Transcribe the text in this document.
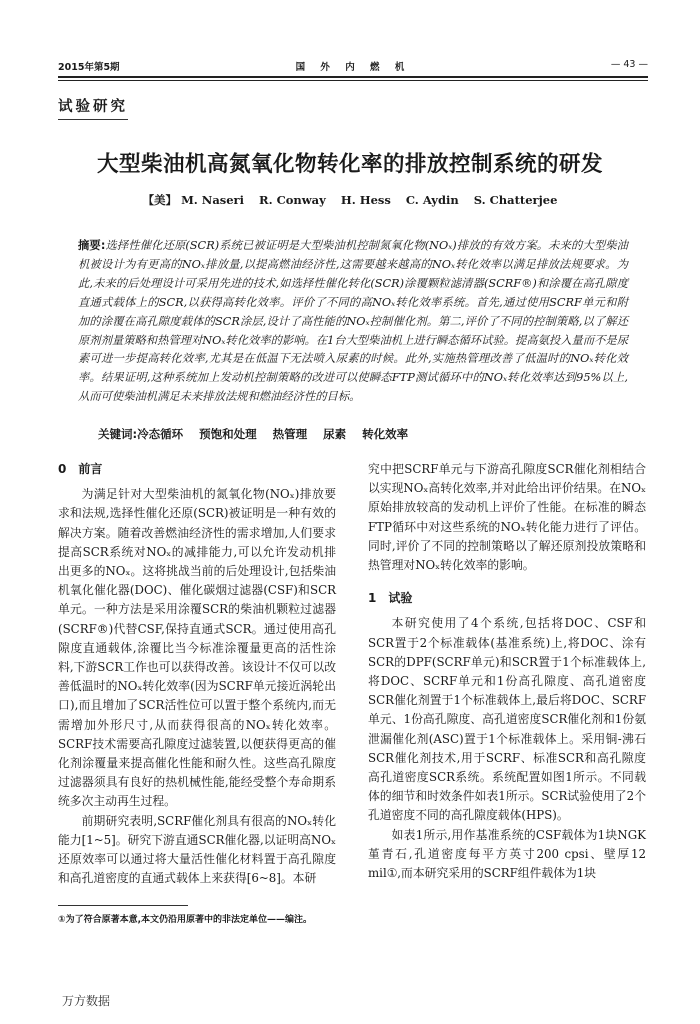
2015年第5期	国 外 内 燃 机	— 43 —
试验研究
大型柴油机高氮氧化物转化率的排放控制系统的研发
【美】 M. Naseri R. Conway H. Hess C. Aydin S. Chatterjee
摘要:选择性催化还原(SCR)系统已被证明是大型柴油机控制氮氧化物(NOₓ)排放的有效方案。未来的大型柴油机被设计为有更高的NOₓ排放量,以提高燃油经济性,这需要越来越高的NOₓ转化效率以满足排放法规要求。为此,未来的后处理设计可采用先进的技术,如选择性催化转化(SCR)涂覆颗粒滤清器(SCRF®)和涂覆在高孔隙度直通式载体上的SCR,以获得高转化效率。评价了不同的高NOₓ转化效率系统。首先,通过使用SCRF单元和附加的涂覆在高孔隙度载体的SCR涂层,设计了高性能的NOₓ控制催化剂。第二,评价了不同的控制策略,以了解还原剂剂量策略和热管理对NOₓ转化效率的影响。在1台大型柴油机上进行瞬态循环试验。提高氨投入量而不是尿素可进一步提高转化效率,尤其是在低温下无法喷入尿素的时候。此外,实施热管理改善了低温时的NOₓ转化效率。结果证明,这种系统加上发动机控制策略的改进可以使瞬态FTP测试循环中的NOₓ转化效率达到95%以上,从而可使柴油机满足未来排放法规和燃油经济性的目标。
关键词:冷态循环 预饱和处理 热管理 尿素 转化效率
0　前言

为满足针对大型柴油机的氮氧化物(NOₓ)排放要求和法规,选择性催化还原(SCR)被证明是一种有效的解决方案。随着改善燃油经济性的需求增加,人们要求提高SCR系统对NOₓ的减排能力,可以允许发动机排出更多的NOₓ。这将挑战当前的后处理设计,包括柴油机氧化催化器(DOC)、催化碳烟过滤器(CSF)和SCR单元。一种方法是采用涂覆SCR的柴油机颗粒过滤器(SCRF®)代替CSF,保持直通式SCR。通过使用高孔隙度直通载体,涂覆比当今标准涂覆量更高的活性涂料,下游SCR工作也可以获得改善。该设计不仅可以改善低温时的NOₓ转化效率(因为SCRF单元接近涡轮出口),而且增加了SCR活性位可以置于整个系统内,而无需增加外形尺寸,从而获得很高的NOₓ转化效率。SCRF技术需要高孔隙度过滤装置,以便获得更高的催化剂涂覆量来提高催化性能和耐久性。这些高孔隙度过滤器须具有良好的热机械性能,能经受整个寿命期系统多次主动再生过程。

前期研究表明,SCRF催化剂具有很高的NOₓ转化能力[1~5]。研究下游直通SCR催化器,以证明高NOₓ还原效率可以通过将大量活性催化材料置于高孔隙度和高孔道密度的直通式载体上来获得[6~8]。本研

究中把SCRF单元与下游高孔隙度SCR催化剂相结合以实现NOₓ高转化效率,并对此给出评价结果。在NOₓ原始排放较高的发动机上评价了性能。在标准的瞬态FTP循环中对这些系统的NOₓ转化能力进行了评估。同时,评价了不同的控制策略以了解还原剂投放策略和热管理对NOₓ转化效率的影响。

1　试验

本研究使用了4个系统,包括将DOC、CSF和SCR置于2个标准载体(基准系统)上,将DOC、涂有SCR的DPF(SCRF单元)和SCR置于1个标准载体上,将DOC、SCRF单元和1份高孔隙度、高孔道密度SCR催化剂置于1个标准载体上,最后将DOC、SCRF单元、1份高孔隙度、高孔道密度SCR催化剂和1份氨泄漏催化剂(ASC)置于1个标准载体上。采用铜-沸石SCR催化剂技术,用于SCRF、标准SCR和高孔隙度高孔道密度SCR系统。系统配置如图1所示。不同载体的细节和时效条件如表1所示。SCR试验使用了2个孔道密度不同的高孔隙度载体(HPS)。

如表1所示,用作基准系统的CSF载体为1块NGK堇青石,孔道密度每平方英寸200 cpsi、壁厚12 mil①,而本研究采用的SCRF组件载体为1块

①为了符合原著本意,本文仍沿用原著中的非法定单位——编注。
万方数据
